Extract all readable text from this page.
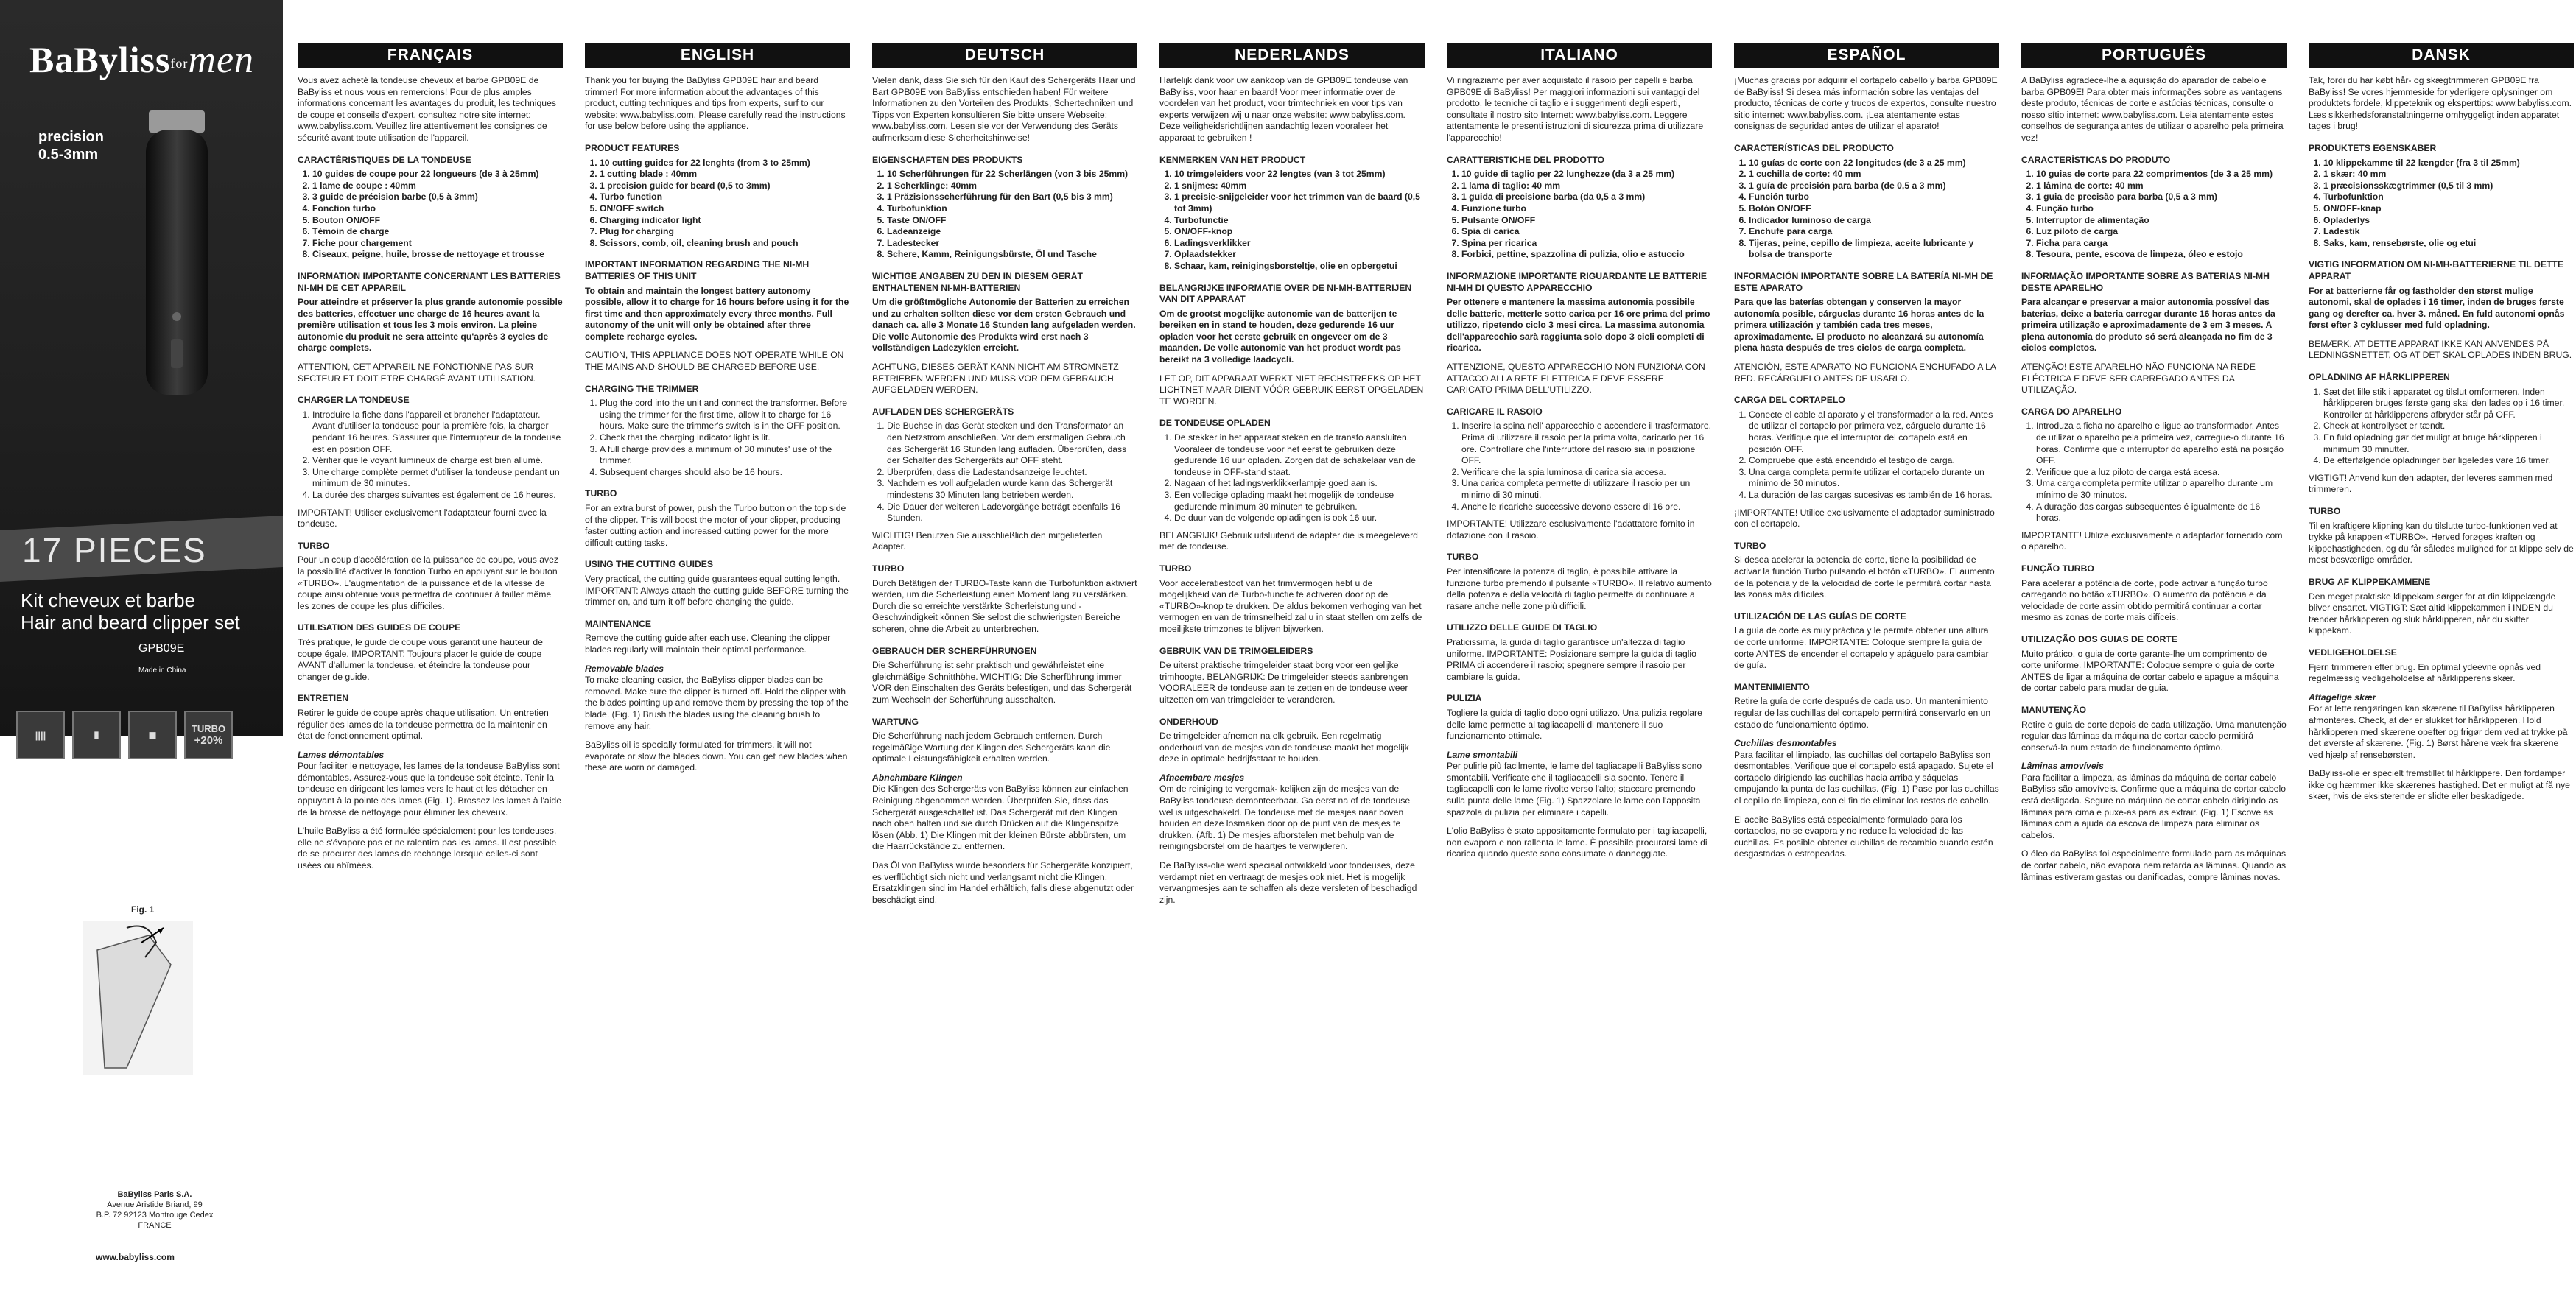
BaBylissformen
precision
0.5-3mm
17 PIECES
Kit cheveux et barbe
Hair and beard clipper set
GPB09E
Made in China
||||	▮	◼
TURBO
+20%
Fig. 1
BaByliss Paris S.A.
Avenue Aristide Briand, 99
B.P. 72 92123 Montrouge Cedex
FRANCE
www.babyliss.com
FRANÇAIS

Vous avez acheté la tondeuse cheveux et barbe GPB09E de BaByliss et nous vous en remercions! Pour de plus amples informations concernant les avantages du produit, les techniques de coupe et conseils d'expert, consultez notre site internet: www.babyliss.com. Veuillez lire attentivement les consignes de sécurité avant toute utilisation de l'appareil.

CARACTÉRISTIQUES DE LA TONDEUSE
1. 10 guides de coupe pour 22 longueurs (de 3 à 25mm)
2. 1 lame de coupe : 40mm
3. 3 guide de précision barbe (0,5 à 3mm)
4. Fonction turbo
5. Bouton ON/OFF
6. Témoin de charge
7. Fiche pour chargement
8. Ciseaux, peigne, huile, brosse de nettoyage et trousse
INFORMATION IMPORTANTE CONCERNANT LES BATTERIES NI-MH DE CET APPAREIL

Pour atteindre et préserver la plus grande autonomie possible des batteries, effectuer une charge de 16 heures avant la première utilisation et tous les 3 mois environ. La pleine autonomie du produit ne sera atteinte qu'après 3 cycles de charge complets.

ATTENTION, CET APPAREIL NE FONCTIONNE PAS SUR SECTEUR ET DOIT ETRE CHARGÉ AVANT UTILISATION.

CHARGER LA TONDEUSE
1. Introduire la fiche dans l'appareil et brancher l'adaptateur. Avant d'utiliser la tondeuse pour la première fois, la charger pendant 16 heures. S'assurer que l'interrupteur de la tondeuse est en position OFF.
2. Vérifier que le voyant lumineux de charge est bien allumé.
3. Une charge complète permet d'utiliser la tondeuse pendant un minimum de 30 minutes.
4. La durée des charges suivantes est également de 16 heures.

IMPORTANT! Utiliser exclusivement l'adaptateur fourni avec la tondeuse.

TURBO

Pour un coup d'accélération de la puissance de coupe, vous avez la possibilité d'activer la fonction Turbo en appuyant sur le bouton «TURBO». L'augmentation de la puissance et de la vitesse de coupe ainsi obtenue vous permettra de continuer à tailler même les zones de coupe les plus difficiles.

UTILISATION DES GUIDES DE COUPE

Très pratique, le guide de coupe vous garantit une hauteur de coupe égale. IMPORTANT: Toujours placer le guide de coupe AVANT d'allumer la tondeuse, et éteindre la tondeuse pour changer de guide.

ENTRETIEN

Retirer le guide de coupe après chaque utilisation. Un entretien régulier des lames de la tondeuse permettra de la maintenir en état de fonctionnement optimal.

Lames démontables

Pour faciliter le nettoyage, les lames de la tondeuse BaByliss sont démontables. Assurez-vous que la tondeuse soit éteinte. Tenir la tondeuse en dirigeant les lames vers le haut et les détacher en appuyant à la pointe des lames (Fig. 1). Brossez les lames à l'aide de la brosse de nettoyage pour éliminer les cheveux.

L'huile BaByliss a été formulée spécialement pour les tondeuses, elle ne s'évapore pas et ne ralentira pas les lames. Il est possible de se procurer des lames de rechange lorsque celles-ci sont usées ou abîmées.

ENGLISH

Thank you for buying the BaByliss GPB09E hair and beard trimmer! For more information about the advantages of this product, cutting techniques and tips from experts, surf to our website: www.babyliss.com. Please carefully read the instructions for use below before using the appliance.

PRODUCT FEATURES
1. 10 cutting guides for 22 lenghts (from 3 to 25mm)
2. 1 cutting blade : 40mm
3. 1 precision guide for beard (0,5 to 3mm)
4. Turbo function
5. ON/OFF switch
6. Charging indicator light
7. Plug for charging
8. Scissors, comb, oil, cleaning brush and pouch
IMPORTANT INFORMATION REGARDING THE NI-MH BATTERIES OF THIS UNIT

To obtain and maintain the longest battery autonomy possible, allow it to charge for 16 hours before using it for the first time and then approximately every three months. Full autonomy of the unit will only be obtained after three complete recharge cycles.

CAUTION, THIS APPLIANCE DOES NOT OPERATE WHILE ON THE MAINS AND SHOULD BE CHARGED BEFORE USE.

CHARGING THE TRIMMER
1. Plug the cord into the unit and connect the transformer. Before using the trimmer for the first time, allow it to charge for 16 hours. Make sure the trimmer's switch is in the OFF position.
2. Check that the charging indicator light is lit.
3. A full charge provides a minimum of 30 minutes' use of the trimmer.
4. Subsequent charges should also be 16 hours.
TURBO

For an extra burst of power, push the Turbo button on the top side of the clipper. This will boost the motor of your clipper, producing faster cutting action and increased cutting power for the more difficult cutting tasks.

USING THE CUTTING GUIDES

Very practical, the cutting guide guarantees equal cutting length. IMPORTANT: Always attach the cutting guide BEFORE turning the trimmer on, and turn it off before changing the guide.

MAINTENANCE

Remove the cutting guide after each use. Cleaning the clipper blades regularly will maintain their optimal performance.

Removable blades

To make cleaning easier, the BaByliss clipper blades can be removed. Make sure the clipper is turned off. Hold the clipper with the blades pointing up and remove them by pressing the top of the blade. (Fig. 1) Brush the blades using the cleaning brush to remove any hair.

BaByliss oil is specially formulated for trimmers, it will not evaporate or slow the blades down. You can get new blades when these are worn or damaged.

DEUTSCH

Vielen dank, dass Sie sich für den Kauf des Schergeräts Haar und Bart GPB09E von BaByliss entschieden haben! Für weitere Informationen zu den Vorteilen des Produkts, Schertechniken und Tipps von Experten konsultieren Sie bitte unsere Webseite: www.babyliss.com. Lesen sie vor der Verwendung des Geräts aufmerksam diese Sicherheitshinweise!

EIGENSCHAFTEN DES PRODUKTS
1. 10 Scherführungen für 22 Scherlängen (von 3 bis 25mm)
2. 1 Scherklinge: 40mm
3. 1 Präzisionsscherführung für den Bart (0,5 bis 3 mm)
4. Turbofunktion
5. Taste ON/OFF
6. Ladeanzeige
7. Ladestecker
8. Schere, Kamm, Reinigungsbürste, Öl und Tasche
WICHTIGE ANGABEN ZU DEN IN DIESEM GERÄT ENTHALTENEN NI-MH-BATTERIEN

Um die größtmögliche Autonomie der Batterien zu erreichen und zu erhalten sollten diese vor dem ersten Gebrauch und danach ca. alle 3 Monate 16 Stunden lang aufgeladen werden. Die volle Autonomie des Produkts wird erst nach 3 vollständigen Ladezyklen erreicht.

ACHTUNG, DIESES GERÄT KANN NICHT AM STROMNETZ BETRIEBEN WERDEN UND MUSS VOR DEM GEBRAUCH AUFGELADEN WERDEN.

AUFLADEN DES SCHERGERÄTS
1. Die Buchse in das Gerät stecken und den Transformator an den Netzstrom anschließen. Vor dem erstmaligen Gebrauch das Schergerät 16 Stunden lang aufladen. Überprüfen, dass der Schalter des Schergeräts auf OFF steht.
2. Überprüfen, dass die Ladestandsanzeige leuchtet.
3. Nachdem es voll aufgeladen wurde kann das Schergerät mindestens 30 Minuten lang betrieben werden.
4. Die Dauer der weiteren Ladevorgänge beträgt ebenfalls 16 Stunden.

WICHTIG! Benutzen Sie ausschließlich den mitgelieferten Adapter.

TURBO

Durch Betätigen der TURBO-Taste kann die Turbofunktion aktiviert werden, um die Scherleistung einen Moment lang zu verstärken. Durch die so erreichte verstärkte Scherleistung und -Geschwindigkeit können Sie selbst die schwierigsten Bereiche scheren, ohne die Arbeit zu unterbrechen.

GEBRAUCH DER SCHERFÜHRUNGEN

Die Scherführung ist sehr praktisch und gewährleistet eine gleichmäßige Schnitthöhe. WICHTIG: Die Scherführung immer VOR den Einschalten des Geräts befestigen, und das Schergerät zum Wechseln der Scherführung ausschalten.

WARTUNG

Die Scherführung nach jedem Gebrauch entfernen. Durch regelmäßige Wartung der Klingen des Schergeräts kann die optimale Leistungsfähigkeit erhalten werden.

Abnehmbare Klingen

Die Klingen des Schergeräts von BaByliss können zur einfachen Reinigung abgenommen werden. Überprüfen Sie, dass das Schergerät ausgeschaltet ist. Das Schergerät mit den Klingen nach oben halten und sie durch Drücken auf die Klingenspitze lösen (Abb. 1) Die Klingen mit der kleinen Bürste abbürsten, um die Haarrückstände zu entfernen.

Das Öl von BaByliss wurde besonders für Schergeräte konzipiert, es verflüchtigt sich nicht und verlangsamt nicht die Klingen. Ersatzklingen sind im Handel erhältlich, falls diese abgenutzt oder beschädigt sind.

NEDERLANDS

Hartelijk dank voor uw aankoop van de GPB09E tondeuse van BaByliss, voor haar en baard! Voor meer informatie over de voordelen van het product, voor trimtechniek en voor tips van experts verwijzen wij u naar onze website: www.babyliss.com. Deze veiligheidsrichtlijnen aandachtig lezen vooraleer het apparaat te gebruiken !

KENMERKEN VAN HET PRODUCT
1. 10 trimgeleiders voor 22 lengtes (van 3 tot 25mm)
2. 1 snijmes: 40mm
3. 1 precisie-snijgeleider voor het trimmen van de baard (0,5 tot 3mm)
4. Turbofunctie
5. ON/OFF-knop
6. Ladingsverklikker
7. Oplaadstekker
8. Schaar, kam, reinigingsborsteltje, olie en opbergetui
BELANGRIJKE INFORMATIE OVER DE NI-MH-BATTERIJEN VAN DIT APPARAAT

Om de grootst mogelijke autonomie van de batterijen te bereiken en in stand te houden, deze gedurende 16 uur opladen voor het eerste gebruik en ongeveer om de 3 maanden. De volle autonomie van het product wordt pas bereikt na 3 volledige laadcycli.

LET OP, DIT APPARAAT WERKT NIET RECHSTREEKS OP HET LICHTNET MAAR DIENT VÓÓR GEBRUIK EERST OPGELADEN TE WORDEN.

DE TONDEUSE OPLADEN
1. De stekker in het apparaat steken en de transfo aansluiten. Vooraleer de tondeuse voor het eerst te gebruiken deze gedurende 16 uur opladen. Zorgen dat de schakelaar van de tondeuse in OFF-stand staat.
2. Nagaan of het ladingsverklikkerlampje goed aan is.
3. Een volledige oplading maakt het mogelijk de tondeuse gedurende minimum 30 minuten te gebruiken.
4. De duur van de volgende opladingen is ook 16 uur.

BELANGRIJK! Gebruik uitsluitend de adapter die is meegeleverd met de tondeuse.

TURBO

Voor acceleratiestoot van het trimvermogen hebt u de mogelijkheid van de Turbo-functie te activeren door op de «TURBO»-knop te drukken. De aldus bekomen verhoging van het vermogen en van de trimsnelheid zal u in staat stellen om zelfs de moeilijkste trimzones te blijven bijwerken.

GEBRUIK VAN DE TRIMGELEIDERS

De uiterst praktische trimgeleider staat borg voor een gelijke trimhoogte. BELANGRIJK: De trimgeleider steeds aanbrengen VOORALEER de tondeuse aan te zetten en de tondeuse weer uitzetten om van trimgeleider te veranderen.

ONDERHOUD

De trimgeleider afnemen na elk gebruik. Een regelmatig onderhoud van de mesjes van de tondeuse maakt het mogelijk deze in optimale bedrijfsstaat te houden.

Afneembare mesjes

Om de reiniging te vergemak- kelijken zijn de mesjes van de BaByliss tondeuse demonteerbaar. Ga eerst na of de tondeuse wel is uitgeschakeld. De tondeuse met de mesjes naar boven houden en deze losmaken door op de punt van de mesjes te drukken. (Afb. 1) De mesjes afborstelen met behulp van de reinigingsborstel om de haartjes te verwijderen.

De BaByliss-olie werd speciaal ontwikkeld voor tondeuses, deze verdampt niet en vertraagt de mesjes ook niet. Het is mogelijk vervangmesjes aan te schaffen als deze versleten of beschadigd zijn.

ITALIANO

Vi ringraziamo per aver acquistato il rasoio per capelli e barba GPB09E di BaByliss! Per maggiori informazioni sui vantaggi del prodotto, le tecniche di taglio e i suggerimenti degli esperti, consultate il nostro sito Internet: www.babyliss.com. Leggere attentamente le presenti istruzioni di sicurezza prima di utilizzare l'apparecchio!

CARATTERISTICHE DEL PRODOTTO
1. 10 guide di taglio per 22 lunghezze (da 3 a 25 mm)
2. 1 lama di taglio: 40 mm
3. 1 guida di precisione barba (da 0,5 a 3 mm)
4. Funzione turbo
5. Pulsante ON/OFF
6. Spia di carica
7. Spina per ricarica
8. Forbici, pettine, spazzolina di pulizia, olio e astuccio
INFORMAZIONE IMPORTANTE RIGUARDANTE LE BATTERIE NI-MH DI QUESTO APPARECCHIO

Per ottenere e mantenere la massima autonomia possibile delle batterie, metterle sotto carica per 16 ore prima del primo utilizzo, ripetendo ciclo 3 mesi circa. La massima autonomia dell'apparecchio sarà raggiunta solo dopo 3 cicli completi di ricarica.

ATTENZIONE, QUESTO APPARECCHIO NON FUNZIONA CON ATTACCO ALLA RETE ELETTRICA E DEVE ESSERE CARICATO PRIMA DELL'UTILIZZO.

CARICARE IL RASOIO
1. Inserire la spina nell' apparecchio e accendere il trasformatore. Prima di utilizzare il rasoio per la prima volta, caricarlo per 16 ore. Controllare che l'interruttore del rasoio sia in posizione OFF.
2. Verificare che la spia luminosa di carica sia accesa.
3. Una carica completa permette di utilizzare il rasoio per un minimo di 30 minuti.
4. Anche le ricariche successive devono essere di 16 ore.

IMPORTANTE! Utilizzare esclusivamente l'adattatore fornito in dotazione con il rasoio.

TURBO

Per intensificare la potenza di taglio, è possibile attivare la funzione turbo premendo il pulsante «TURBO». Il relativo aumento della potenza e della velocità di taglio permette di continuare a rasare anche nelle zone più difficili.

UTILIZZO DELLE GUIDE DI TAGLIO

Praticissima, la guida di taglio garantisce un'altezza di taglio uniforme. IMPORTANTE: Posizionare sempre la guida di taglio PRIMA di accendere il rasoio; spegnere sempre il rasoio per cambiare la guida.

PULIZIA

Togliere la guida di taglio dopo ogni utilizzo. Una pulizia regolare delle lame permette al tagliacapelli di mantenere il suo funzionamento ottimale.

Lame smontabili

Per pulirle più facilmente, le lame del tagliacapelli BaByliss sono smontabili. Verificate che il tagliacapelli sia spento. Tenere il tagliacapelli con le lame rivolte verso l'alto; staccare premendo sulla punta delle lame (Fig. 1) Spazzolare le lame con l'apposita spazzola di pulizia per eliminare i capelli.

L'olio BaByliss è stato appositamente formulato per i tagliacapelli, non evapora e non rallenta le lame. È possibile procurarsi lame di ricarica quando queste sono consumate o danneggiate.

ESPAÑOL

¡Muchas gracias por adquirir el cortapelo cabello y barba GPB09E de BaByliss! Si desea más información sobre las ventajas del producto, técnicas de corte y trucos de expertos, consulte nuestro sitio internet: www.babyliss.com. ¡Lea atentamente estas consignas de seguridad antes de utilizar el aparato!

CARACTERÍSTICAS DEL PRODUCTO
1. 10 guías de corte con 22 longitudes (de 3 a 25 mm)
2. 1 cuchilla de corte: 40 mm
3. 1 guía de precisión para barba (de 0,5 a 3 mm)
4. Función turbo
5. Botón ON/OFF
6. Indicador luminoso de carga
7. Enchufe para carga
8. Tijeras, peine, cepillo de limpieza, aceite lubricante y bolsa de transporte
INFORMACIÓN IMPORTANTE SOBRE LA BATERÍA NI-MH DE ESTE APARATO

Para que las baterías obtengan y conserven la mayor autonomía posible, cárguelas durante 16 horas antes de la primera utilización y también cada tres meses, aproximadamente. El producto no alcanzará su autonomía plena hasta después de tres ciclos de carga completa.

ATENCIÓN, ESTE APARATO NO FUNCIONA ENCHUFADO A LA RED. RECÁRGUELO ANTES DE USARLO.

CARGA DEL CORTAPELO
1. Conecte el cable al aparato y el transformador a la red. Antes de utilizar el cortapelo por primera vez, cárguelo durante 16 horas. Verifique que el interruptor del cortapelo está en posición OFF.
2. Compruebe que está encendido el testigo de carga.
3. Una carga completa permite utilizar el cortapelo durante un mínimo de 30 minutos.
4. La duración de las cargas sucesivas es también de 16 horas.

¡IMPORTANTE! Utilice exclusivamente el adaptador suministrado con el cortapelo.

TURBO

Si desea acelerar la potencia de corte, tiene la posibilidad de activar la función Turbo pulsando el botón «TURBO». El aumento de la potencia y de la velocidad de corte le permitirá cortar hasta las zonas más difíciles.

UTILIZACIÓN DE LAS GUÍAS DE CORTE

La guía de corte es muy práctica y le permite obtener una altura de corte uniforme. IMPORTANTE: Coloque siempre la guía de corte ANTES de encender el cortapelo y apáguelo para cambiar de guía.

MANTENIMIENTO

Retire la guía de corte después de cada uso. Un mantenimiento regular de las cuchillas del cortapelo permitirá conservarlo en un estado de funcionamiento óptimo.

Cuchillas desmontables

Para facilitar el limpiado, las cuchillas del cortapelo BaByliss son desmontables. Verifique que el cortapelo está apagado. Sujete el cortapelo dirigiendo las cuchillas hacia arriba y sáquelas empujando la punta de las cuchillas. (Fig. 1) Pase por las cuchillas el cepillo de limpieza, con el fin de eliminar los restos de cabello.

El aceite BaByliss está especialmente formulado para los cortapelos, no se evapora y no reduce la velocidad de las cuchillas. Es posible obtener cuchillas de recambio cuando estén desgastadas o estropeadas.

PORTUGUÊS

A BaByliss agradece-lhe a aquisição do aparador de cabelo e barba GPB09E! Para obter mais informações sobre as vantagens deste produto, técnicas de corte e astúcias técnicas, consulte o nosso sítio internet: www.babyliss.com. Leia atentamente estes conselhos de segurança antes de utilizar o aparelho pela primeira vez!

CARACTERÍSTICAS DO PRODUTO
1. 10 guias de corte para 22 comprimentos (de 3 a 25 mm)
2. 1 lâmina de corte: 40 mm
3. 1 guia de precisão para barba (0,5 a 3 mm)
4. Função turbo
5. Interruptor de alimentação
6. Luz piloto de carga
7. Ficha para carga
8. Tesoura, pente, escova de limpeza, óleo e estojo
INFORMAÇÃO IMPORTANTE SOBRE AS BATERIAS NI-MH DESTE APARELHO

Para alcançar e preservar a maior autonomia possível das baterias, deixe a bateria carregar durante 16 horas antes da primeira utilização e aproximadamente de 3 em 3 meses. A plena autonomia do produto só será alcançada no fim de 3 ciclos completos.

ATENÇÃO! ESTE APARELHO NÃO FUNCIONA NA REDE ELÉCTRICA E DEVE SER CARREGADO ANTES DA UTILIZAÇÃO.

CARGA DO APARELHO
1. Introduza a ficha no aparelho e ligue ao transformador. Antes de utilizar o aparelho pela primeira vez, carregue-o durante 16 horas. Confirme que o interruptor do aparelho está na posição OFF.
2. Verifique que a luz piloto de carga está acesa.
3. Uma carga completa permite utilizar o aparelho durante um mínimo de 30 minutos.
4. A duração das cargas subsequentes é igualmente de 16 horas.

IMPORTANTE! Utilize exclusivamente o adaptador fornecido com o aparelho.

FUNÇÃO TURBO

Para acelerar a potência de corte, pode activar a função turbo carregando no botão «TURBO». O aumento da potência e da velocidade de corte assim obtido permitirá continuar a cortar mesmo as zonas de corte mais difíceis.

UTILIZAÇÃO DOS GUIAS DE CORTE

Muito prático, o guia de corte garante-lhe um comprimento de corte uniforme. IMPORTANTE: Coloque sempre o guia de corte ANTES de ligar a máquina de cortar cabelo e apague a máquina de cortar cabelo para mudar de guia.

MANUTENÇÃO

Retire o guia de corte depois de cada utilização. Uma manutenção regular das lâminas da máquina de cortar cabelo permitirá conservá-la num estado de funcionamento óptimo.

Lâminas amovíveis

Para facilitar a limpeza, as lâminas da máquina de cortar cabelo BaByliss são amovíveis. Confirme que a máquina de cortar cabelo está desligada. Segure na máquina de cortar cabelo dirigindo as lâminas para cima e puxe-as para as extrair. (Fig. 1) Escove as lâminas com a ajuda da escova de limpeza para eliminar os cabelos.

O óleo da BaByliss foi especialmente formulado para as máquinas de cortar cabelo, não evapora nem retarda as lâminas. Quando as lâminas estiveram gastas ou danificadas, compre lâminas novas.

DANSK

Tak, fordi du har købt hår- og skægtrimmeren GPB09E fra BaByliss! Se vores hjemmeside for yderligere oplysninger om produktets fordele, klippeteknik og eksperttips: www.babyliss.com. Læs sikkerhedsforanstaltningerne omhyggeligt inden apparatet tages i brug!

PRODUKTETS EGENSKABER
1. 10 klippekamme til 22 længder (fra 3 til 25mm)
2. 1 skær: 40 mm
3. 1 præcisionsskægtrimmer (0,5 til 3 mm)
4. Turbofunktion
5. ON/OFF-knap
6. Opladerlys
7. Ladestik
8. Saks, kam, rensebørste, olie og etui
VIGTIG INFORMATION OM NI-MH-BATTERIERNE TIL DETTE APPARAT

For at batterierne får og fastholder den størst mulige autonomi, skal de oplades i 16 timer, inden de bruges første gang og derefter ca. hver 3. måned. En fuld autonomi opnås først efter 3 cyklusser med fuld opladning.

BEMÆRK, AT DETTE APPARAT IKKE KAN ANVENDES PÅ LEDNINGSNETTET, OG AT DET SKAL OPLADES INDEN BRUG.

OPLADNING AF HÅRKLIPPEREN
1. Sæt det lille stik i apparatet og tilslut omformeren. Inden hårklipperen bruges første gang skal den lades op i 16 timer. Kontroller at hårklipperens afbryder står på OFF.
2. Check at kontrollyset er tændt.
3. En fuld opladning gør det muligt at bruge hårklipperen i minimum 30 minutter.
4. De efterfølgende opladninger bør ligeledes vare 16 timer.

VIGTIGT! Anvend kun den adapter, der leveres sammen med trimmeren.

TURBO

Til en kraftigere klipning kan du tilslutte turbo-funktionen ved at trykke på knappen «TURBO». Herved forøges kraften og klippehastigheden, og du får således mulighed for at klippe selv de mest besværlige områder.

BRUG AF KLIPPEKAMMENE

Den meget praktiske klippekam sørger for at din klippelængde bliver ensartet. VIGTIGT: Sæt altid klippekammen i INDEN du tænder hårklipperen og sluk hårklipperen, når du skifter klippekam.

VEDLIGEHOLDELSE

Fjern trimmeren efter brug. En optimal ydeevne opnås ved regelmæssig vedligeholdelse af hårklipperens skær.

Aftagelige skær

For at lette rengøringen kan skærene til BaByliss hårklipperen afmonteres. Check, at der er slukket for hårklipperen. Hold hårklipperen med skærene opefter og frigør dem ved at trykke på det øverste af skærene. (Fig. 1) Børst hårene væk fra skærene ved hjælp af rensebørsten.

BaByliss-olie er specielt fremstillet til hårklippere. Den fordamper ikke og hæmmer ikke skærenes hastighed. Det er muligt at få nye skær, hvis de eksisterende er slidte eller beskadigede.
